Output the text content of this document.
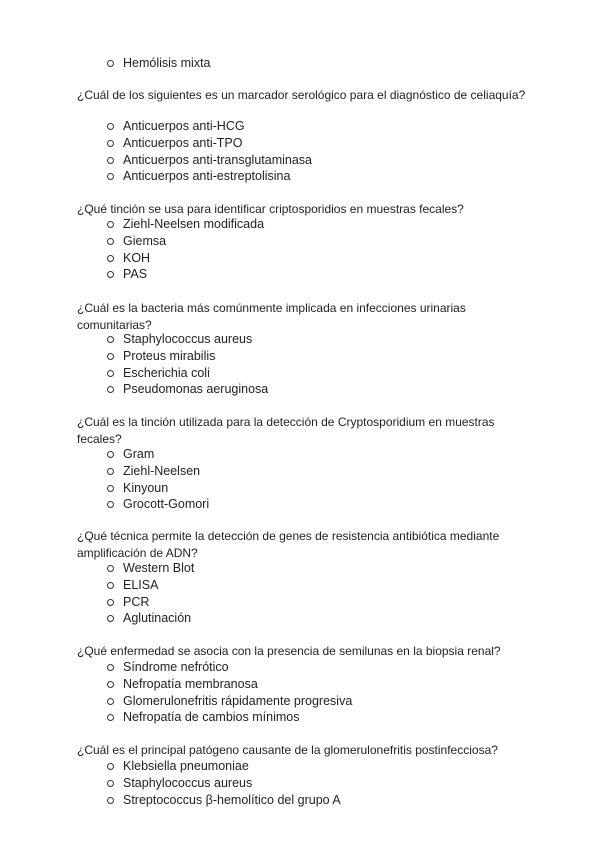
Hemólisis mixta

¿Cuál de los siguientes es un marcador serológico para el diagnóstico de celiaquía?

Anticuerpos anti-HCG
Anticuerpos anti-TPO
Anticuerpos anti-transglutaminasa
Anticuerpos anti-estreptolisina

¿Qué tinción se usa para identificar criptosporidios en muestras fecales?

Ziehl-Neelsen modificada
Giemsa
KOH
PAS

¿Cuál es la bacteria más comúnmente implicada en infecciones urinarias comunitarias?

Staphylococcus aureus
Proteus mirabilis
Escherichia coli
Pseudomonas aeruginosa

¿Cuál es la tinción utilizada para la detección de Cryptosporidium en muestras fecales?

Gram
Ziehl-Neelsen
Kinyoun
Grocott-Gomori

¿Qué técnica permite la detección de genes de resistencia antibiótica mediante amplificación de ADN?

Western Blot
ELISA
PCR
Aglutinación

¿Qué enfermedad se asocia con la presencia de semilunas en la biopsia renal?

Síndrome nefrótico
Nefropatía membranosa
Glomerulonefritis rápidamente progresiva
Nefropatía de cambios mínimos

¿Cuál es el principal patógeno causante de la glomerulonefritis postinfecciosa?

Klebsiella pneumoniae
Staphylococcus aureus
Streptococcus β-hemolítico del grupo A
